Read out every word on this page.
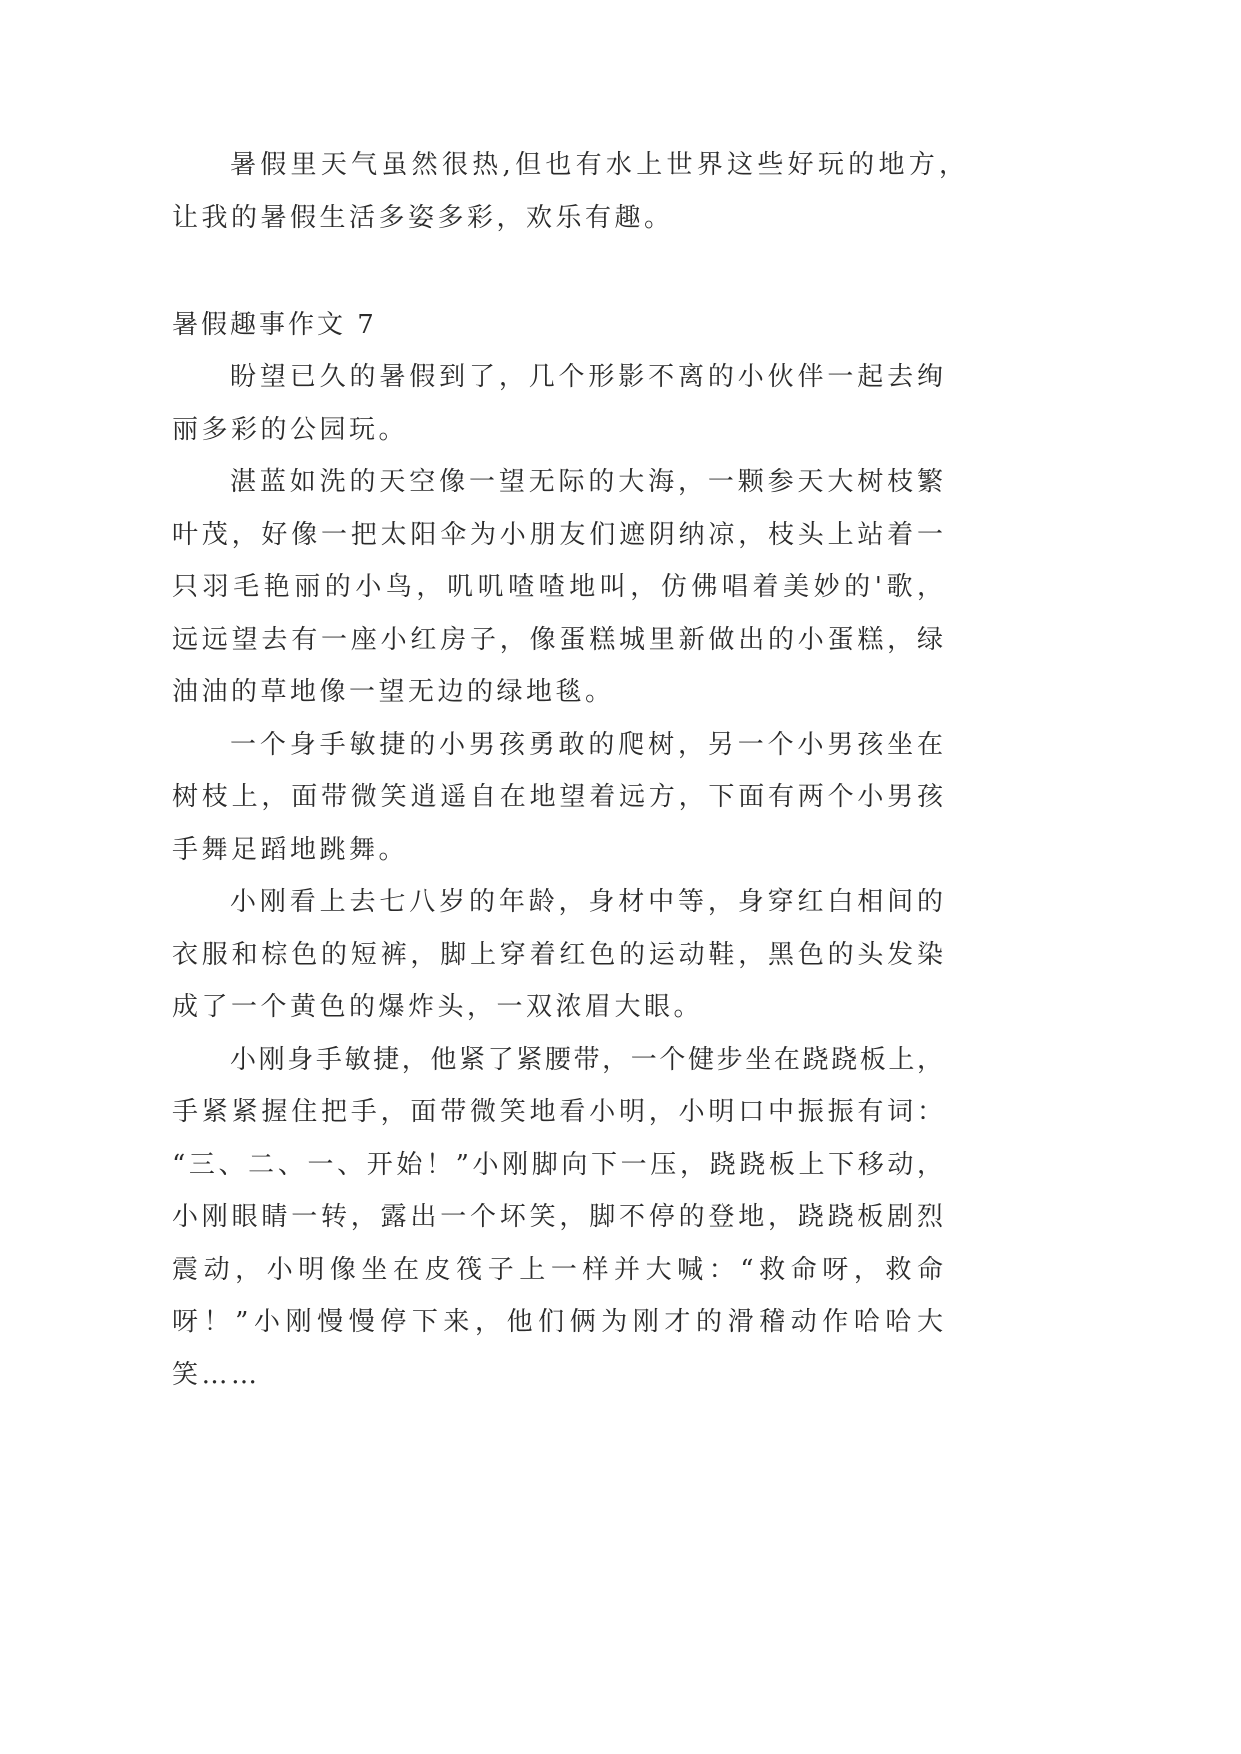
暑假里天气虽然很热,但也有水上世界这些好玩的地方，
让我的暑假生活多姿多彩，欢乐有趣。
暑假趣事作文 7
盼望已久的暑假到了，几个形影不离的小伙伴一起去绚
丽多彩的公园玩。
湛蓝如洗的天空像一望无际的大海，一颗参天大树枝繁
叶茂，好像一把太阳伞为小朋友们遮阴纳凉，枝头上站着一
只羽毛艳丽的小鸟，叽叽喳喳地叫，仿佛唱着美妙的'歌，
远远望去有一座小红房子，像蛋糕城里新做出的小蛋糕，绿
油油的草地像一望无边的绿地毯。
一个身手敏捷的小男孩勇敢的爬树，另一个小男孩坐在
树枝上，面带微笑逍遥自在地望着远方，下面有两个小男孩
手舞足蹈地跳舞。
小刚看上去七八岁的年龄，身材中等，身穿红白相间的
衣服和棕色的短裤，脚上穿着红色的运动鞋，黑色的头发染
成了一个黄色的爆炸头，一双浓眉大眼。
小刚身手敏捷，他紧了紧腰带，一个健步坐在跷跷板上，
手紧紧握住把手，面带微笑地看小明，小明口中振振有词：
“三、二、一、开始！”小刚脚向下一压，跷跷板上下移动，
小刚眼睛一转，露出一个坏笑，脚不停的登地，跷跷板剧烈
震动，小明像坐在皮筏子上一样并大喊：“救命呀，救命
呀！”小刚慢慢停下来，他们俩为刚才的滑稽动作哈哈大
笑……
